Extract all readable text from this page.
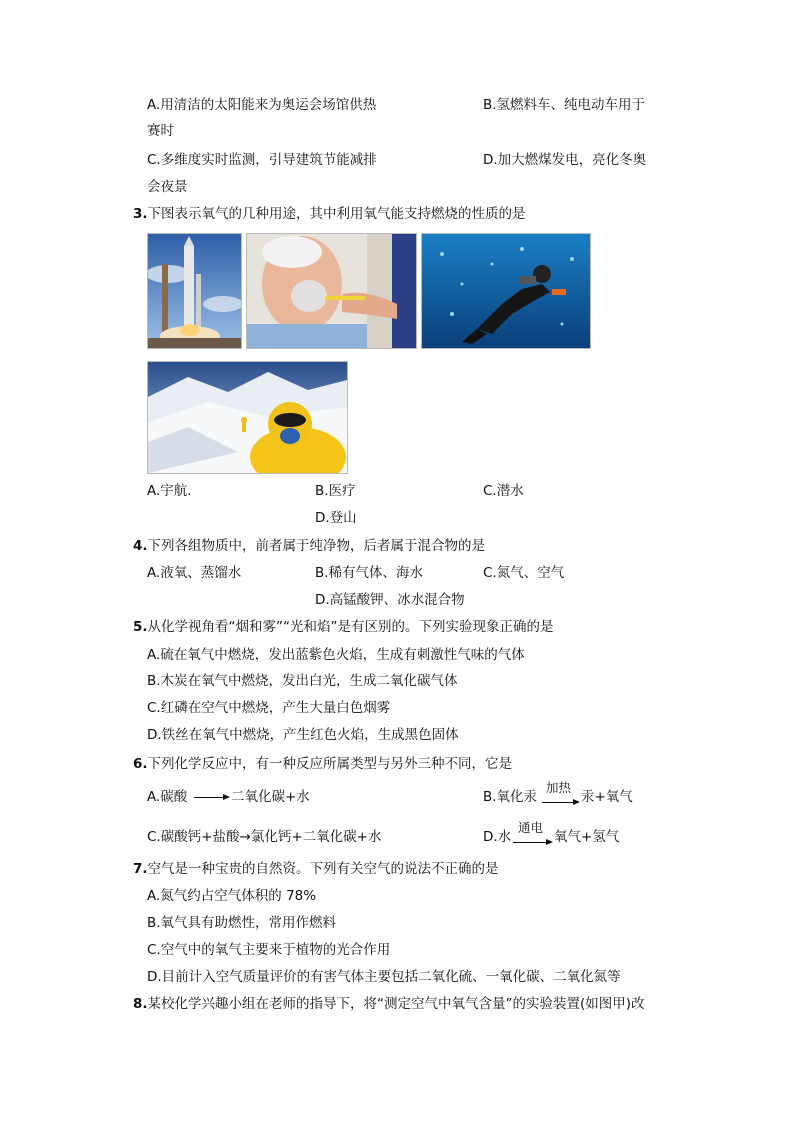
A.用清洁的太阳能来为奥运会场馆供热	B.氢燃料车、纯电动车用于
赛时
C.多维度实时监测，引导建筑节能减排	D.加大燃煤发电，亮化冬奥
会夜景
3.下图表示氧气的几种用途，其中利用氧气能支持燃烧的性质的是
A.宇航.	B.医疗	C.潜水
D.登山
4.下列各组物质中，前者属于纯净物，后者属于混合物的是
A.液氧、蒸馏水	B.稀有气体、海水	C.氮气、空气
D.高锰酸钾、冰水混合物
5.从化学视角看“烟和雾”“光和焰”是有区别的。下列实验现象正确的是
A.硫在氧气中燃烧，发出蓝紫色火焰，生成有刺激性气味的气体
B.木炭在氧气中燃烧，发出白光，生成二氧化碳气体
C.红磷在空气中燃烧，产生大量白色烟雾
D.铁丝在氧气中燃烧，产生红色火焰，生成黑色固体
6.下列化学反应中，有一种反应所属类型与另外三种不同，它是
A.碳酸 → 二氧化碳+水	B.氧化汞
加热
→ 汞+氧气
C.碳酸钙+盐酸→氯化钙+二氧化碳+水	D.水
通电
→ 氧气+氢气
7.空气是一种宝贵的自然资。下列有关空气的说法不正确的是
A.氮气约占空气体积的 78%
B.氧气具有助燃性，常用作燃料
C.空气中的氧气主要来于植物的光合作用
D.目前计入空气质量评价的有害气体主要包括二氧化硫、一氧化碳、二氧化氮等
8.某校化学兴趣小组在老师的指导下，将“测定空气中氧气含量”的实验装置(如图甲)改
